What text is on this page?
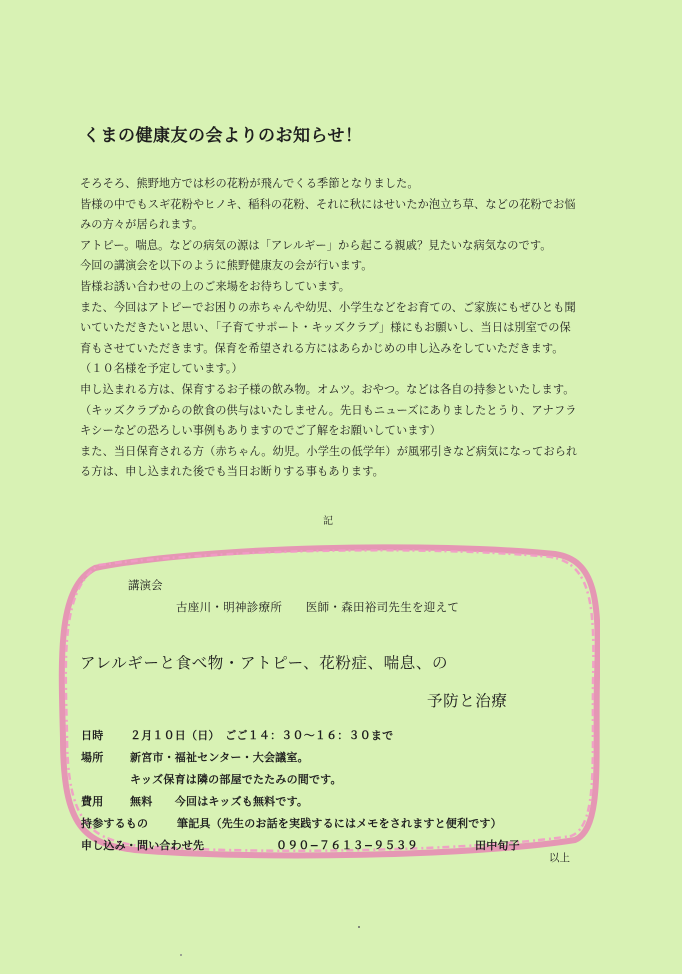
くまの健康友の会よりのお知らせ！

そろそろ、熊野地方では杉の花粉が飛んでくる季節となりました。

皆様の中でもスギ花粉やヒノキ、稲科の花粉、それに秋にはせいたか泡立ち草、などの花粉でお悩みの方々が居られます。

アトピー。喘息。などの病気の源は「アレルギー」から起こる親戚？見たいな病気なのです。

今回の講演会を以下のように熊野健康友の会が行います。

皆様お誘い合わせの上のご来場をお待ちしています。

また、今回はアトピーでお困りの赤ちゃんや幼児、小学生などをお育ての、ご家族にもぜひとも聞いていただきたいと思い、「子育てサポート・キッズクラブ」様にもお願いし、当日は別室での保育もさせていただきます。保育を希望される方にはあらかじめの申し込みをしていただきます。（１０名様を予定しています。）

申し込まれる方は、保育するお子様の飲み物。オムツ。おやつ。などは各自の持参といたします。（キッズクラブからの飲食の供与はいたしません。先日もニューズにありましたとうり、アナフラキシーなどの恐ろしい事例もありますのでご了解をお願いしています）

また、当日保育される方（赤ちゃん。幼児。小学生の低学年）が風邪引きなど病気になっておられる方は、申し込まれた後でも当日お断りする事もあります。

記
講演会
古座川・明神診療所　　医師・森田裕司先生を迎えて
アレルギーと食べ物・アトピー、花粉症、喘息、の
予防と治療
日時 ２月１０日（日）　ごご１４：３０〜１６：３０まで
場所 新宮市・福祉センター・大会議室。
キッズ保育は隣の部屋でたたみの間です。
費用 無料　　今回はキッズも無料です。
持参するもの	筆記具（先生のお話を実践するにはメモをされますと便利です）
申し込み・問い合わせ先	０９０−７６１３−９５３９	田中旬子
以上
